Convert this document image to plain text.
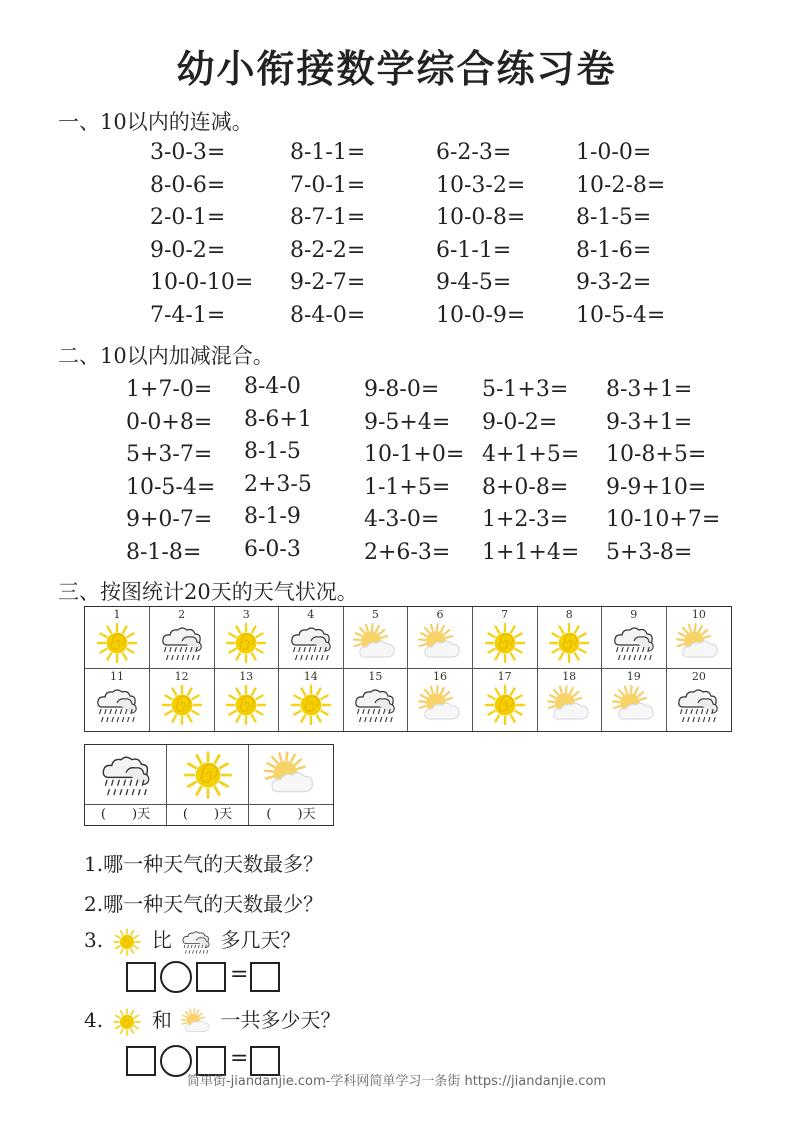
幼小衔接数学综合练习卷
一、10以内的连减。
3-0-3=	8-1-1=	6-2-3=	1-0-0=
8-0-6=	7-0-1=	10-3-2= 10-2-8=
2-0-1=	8-7-1=	10-0-8= 8-1-5=
9-0-2=	8-2-2=	6-1-1=	8-1-6=
10-0-10= 9-2-7=	9-4-5=	9-3-2=
7-4-1=	8-4-0=	10-0-9= 10-5-4=
二、10以内加减混合。
1+7-0= 8-4-0	9-8-0= 5-1+3= 8-3+1=
0-0+8= 8-6+1 9-5+4= 9-0-2= 9-3+1=
5+3-7= 8-1-5	10-1+0= 4+1+5= 10-8+5=
10-5-4= 2+3-5 1-1+5= 8+0-8= 9-9+10=
9+0-7= 8-1-9	4-3-0= 1+2-3= 10-10+7=
8-1-8= 6-0-3	2+6-3= 1+1+4= 5+3-8=
三、按图统计20天的天气状况。
1	2	3	4	5	6	7	8	9	10
11	12	13	14	15	16	17	18	19	20
(　　)天	(　　)天	(　　)天
1.哪一种天气的天数最多？
2.哪一种天气的天数最少？
3. 比 多几天？
=
4. 和 一共多少天？
=
简单街-jiandanjie.com-学科网简单学习一条街 https://jiandanjie.com
